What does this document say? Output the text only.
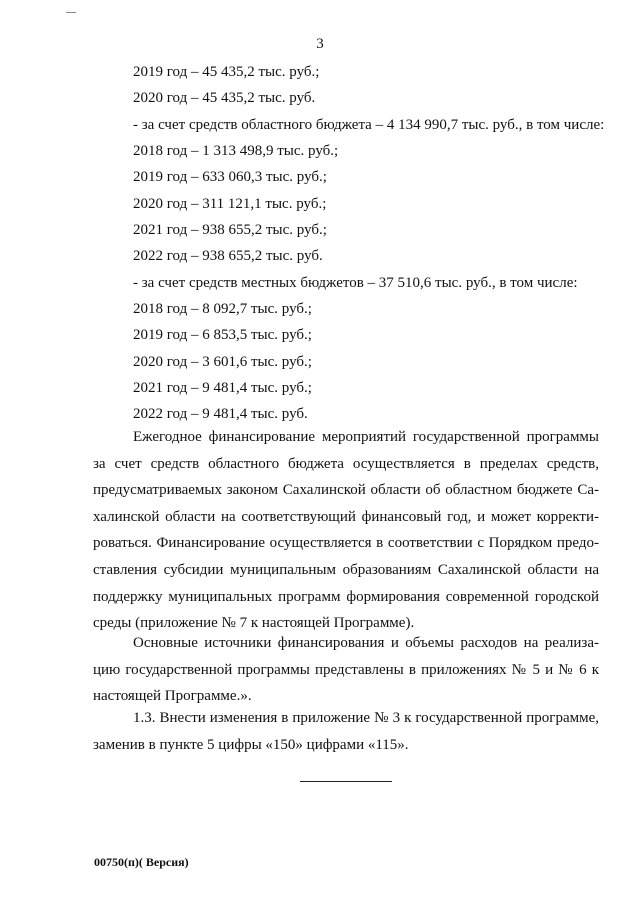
3
2019 год – 45 435,2 тыс. руб.;
2020 год – 45 435,2 тыс. руб.
- за счет средств областного бюджета – 4 134 990,7 тыс. руб., в том числе:
2018 год – 1 313 498,9 тыс. руб.;
2019 год – 633 060,3 тыс. руб.;
2020 год – 311 121,1 тыс. руб.;
2021 год – 938 655,2 тыс. руб.;
2022 год – 938 655,2 тыс. руб.
- за счет средств местных бюджетов – 37 510,6 тыс. руб., в том числе:
2018 год – 8 092,7 тыс. руб.;
2019 год – 6 853,5 тыс. руб.;
2020 год – 3 601,6 тыс. руб.;
2021 год – 9 481,4 тыс. руб.;
2022 год – 9 481,4 тыс. руб.
Ежегодное финансирование мероприятий государственной программы
за счет средств областного бюджета осуществляется в пределах средств,
предусматриваемых законом Сахалинской области об областном бюджете Са-
халинской области на соответствующий финансовый год, и может корректи-
роваться. Финансирование осуществляется в соответствии с Порядком предо-
ставления субсидии муниципальным образованиям Сахалинской области на
поддержку муниципальных программ формирования современной городской
среды (приложение № 7 к настоящей Программе).
Основные источники финансирования и объемы расходов на реализа-
цию государственной программы представлены в приложениях № 5 и № 6 к
настоящей Программе.».
1.3. Внести изменения в приложение № 3 к государственной программе,
заменив в пункте 5 цифры «150» цифрами «115».
00750(п)( Версия)
